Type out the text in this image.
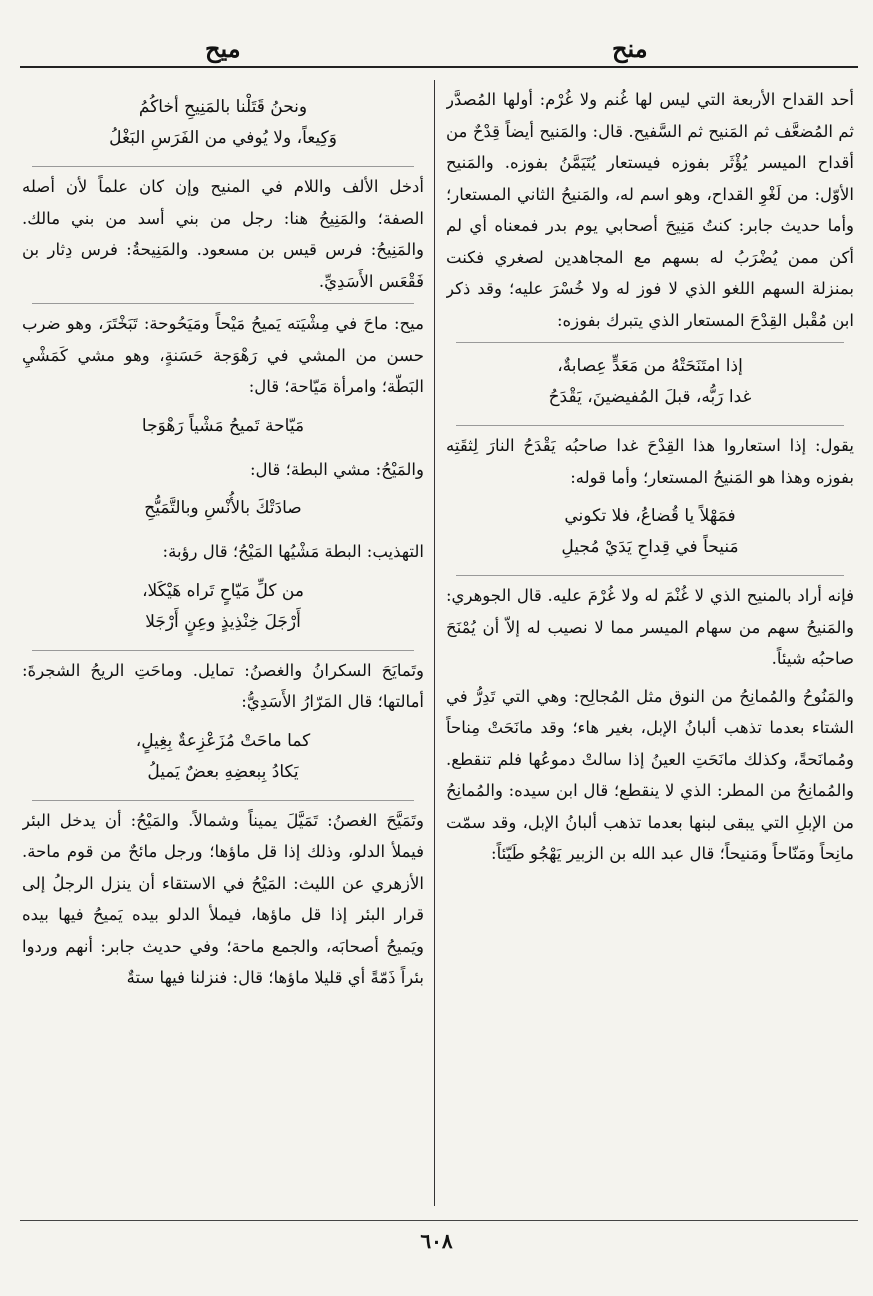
منح
ميح

أحد القداح الأربعة التي ليس لها غُنم ولا غُرْم: أولها المُصدَّر ثم المُضعَّف ثم المَنيح ثم السَّفيح. قال: والمَنيح أيضاً قِدْحٌ من أقداح الميسر يُؤْثَر بفوزه فيستعار يُتَيَمَّنُ بفوزه. والمَنيح الأوّل: من لَغْوِ القداح، وهو اسم له، والمَنيحُ الثاني المستعار؛ وأما حديث جابر: كنتُ مَنِيحَ أصحابي يوم بدر فمعناه أي لم أكن ممن يُضْرَبُ له بسهم مع المجاهدين لصغري فكنت بمنزلة السهم اللغو الذي لا فوز له ولا خُسْرَ عليه؛ وقد ذكر ابن مُقْبل القِدْحَ المستعار الذي يتبرك بفوزه:

إذا امتَنَحَتْهُ من مَعَدٍّ عِصابةٌ،
غدا رَبُّه، قبلَ المُفيضينَ، يَقْدَحُ

يقول: إذا استعاروا هذا القِدْحَ غدا صاحبُه يَقْدَحُ النارَ لِثقَتِه بفوزه وهذا هو المَنيحُ المستعار؛ وأما قوله:

فمَهْلاً يا قُضاعُ، فلا تكوني
مَنيحاً في قِداحِ يَدَيْ مُجيلِ

فإنه أراد بالمنيح الذي لا غُنْمَ له ولا غُرْمَ عليه. قال الجوهري: والمَنيحُ سهم من سهام الميسر مما لا نصيب له إلاّ أن يُمْنَحَ صاحبُه شيئاً.

والمَنُوحُ والمُمانِحُ من النوق مثل المُجالِح: وهي التي تَدِرُّ في الشتاء بعدما تذهب ألبانُ الإبل، بغير هاء؛ وقد مانَحَتْ مِناحاً ومُمانَحةً، وكذلك مانَحَتِ العينُ إذا سالتْ دموعُها فلم تنقطع. والمُمانِحُ من المطر: الذي لا ينقطع؛ قال ابن سيده: والمُمانِحُ من الإبلِ التي يبقى لبنها بعدما تذهب ألبانُ الإبل، وقد سمّت مانِحاً ومَنّاحاً ومَنيحاً؛ قال عبد الله بن الزبير يَهْجُو طَيّئاً:

ونحنُ قَتَلْنا بالمَنِيحِ أخاكُمُ
وَكِيعاً، ولا يُوفي من الفَرَسِ البَغْلُ

أدخل الألف واللام في المنيح وإن كان علماً لأن أصله الصفة؛ والمَنِيحُ هنا: رجل من بني أسد من بني مالك. والمَنِيحُ: فرس قيس بن مسعود. والمَنِيحةُ: فرس دِثار بن فَقْعَس الأَسَدِيِّ.

ميح: ماحَ في مِشْيَته يَميحُ مَيْحاً ومَيَحُوحة: تَبَخْتَرَ، وهو ضرب حسن من المشي في رَهْوَجة حَسَنةٍ، وهو مشي كَمَشْيِ البَطّة؛ وامرأة مَيّاحة؛ قال:

مَيّاحة تَميحُ مَشْياً رَهْوَجا

والمَيْحُ: مشي البطة؛ قال:

صادَتْكَ بالأُنْسِ وبالتَّمَيُّحِ

التهذيب: البطة مَشْيُها المَيْحُ؛ قال رؤبة:

من كلِّ مَيّاحٍ تَراه هَيْكَلا،
أَرْجَلَ خِنْذِيذٍ وعِنٍ أَرْجَلا

وتَمايَحَ السكرانُ والغصنُ: تمايل. وماحَتِ الريحُ الشجرةَ: أمالتها؛ قال المَرّارُ الأَسَدِيُّ:

كما ماحَتْ مُزَعْزِعةٌ بِغِيلٍ،
يَكادُ بِبعضِهِ بعضٌ يَميلُ

وتَمَيَّحَ الغصنُ: تَمَيَّلَ يميناً وشمالاً. والمَيْحُ: أن يدخل البئر فيملأ الدلو، وذلك إذا قل ماؤها؛ ورجل مائحٌ من قوم ماحة. الأزهري عن الليث: المَيْحُ في الاستقاء أن ينزل الرجلُ إلى قرار البئر إذا قل ماؤها، فيملأ الدلو بيده يَميحُ فيها بيده ويَميحُ أصحابَه، والجمع ماحة؛ وفي حديث جابر: أنهم وردوا بئراً ذَمّةً أي قليلا ماؤها؛ قال: فنزلنا فيها ستةٌ

٦٠٨
